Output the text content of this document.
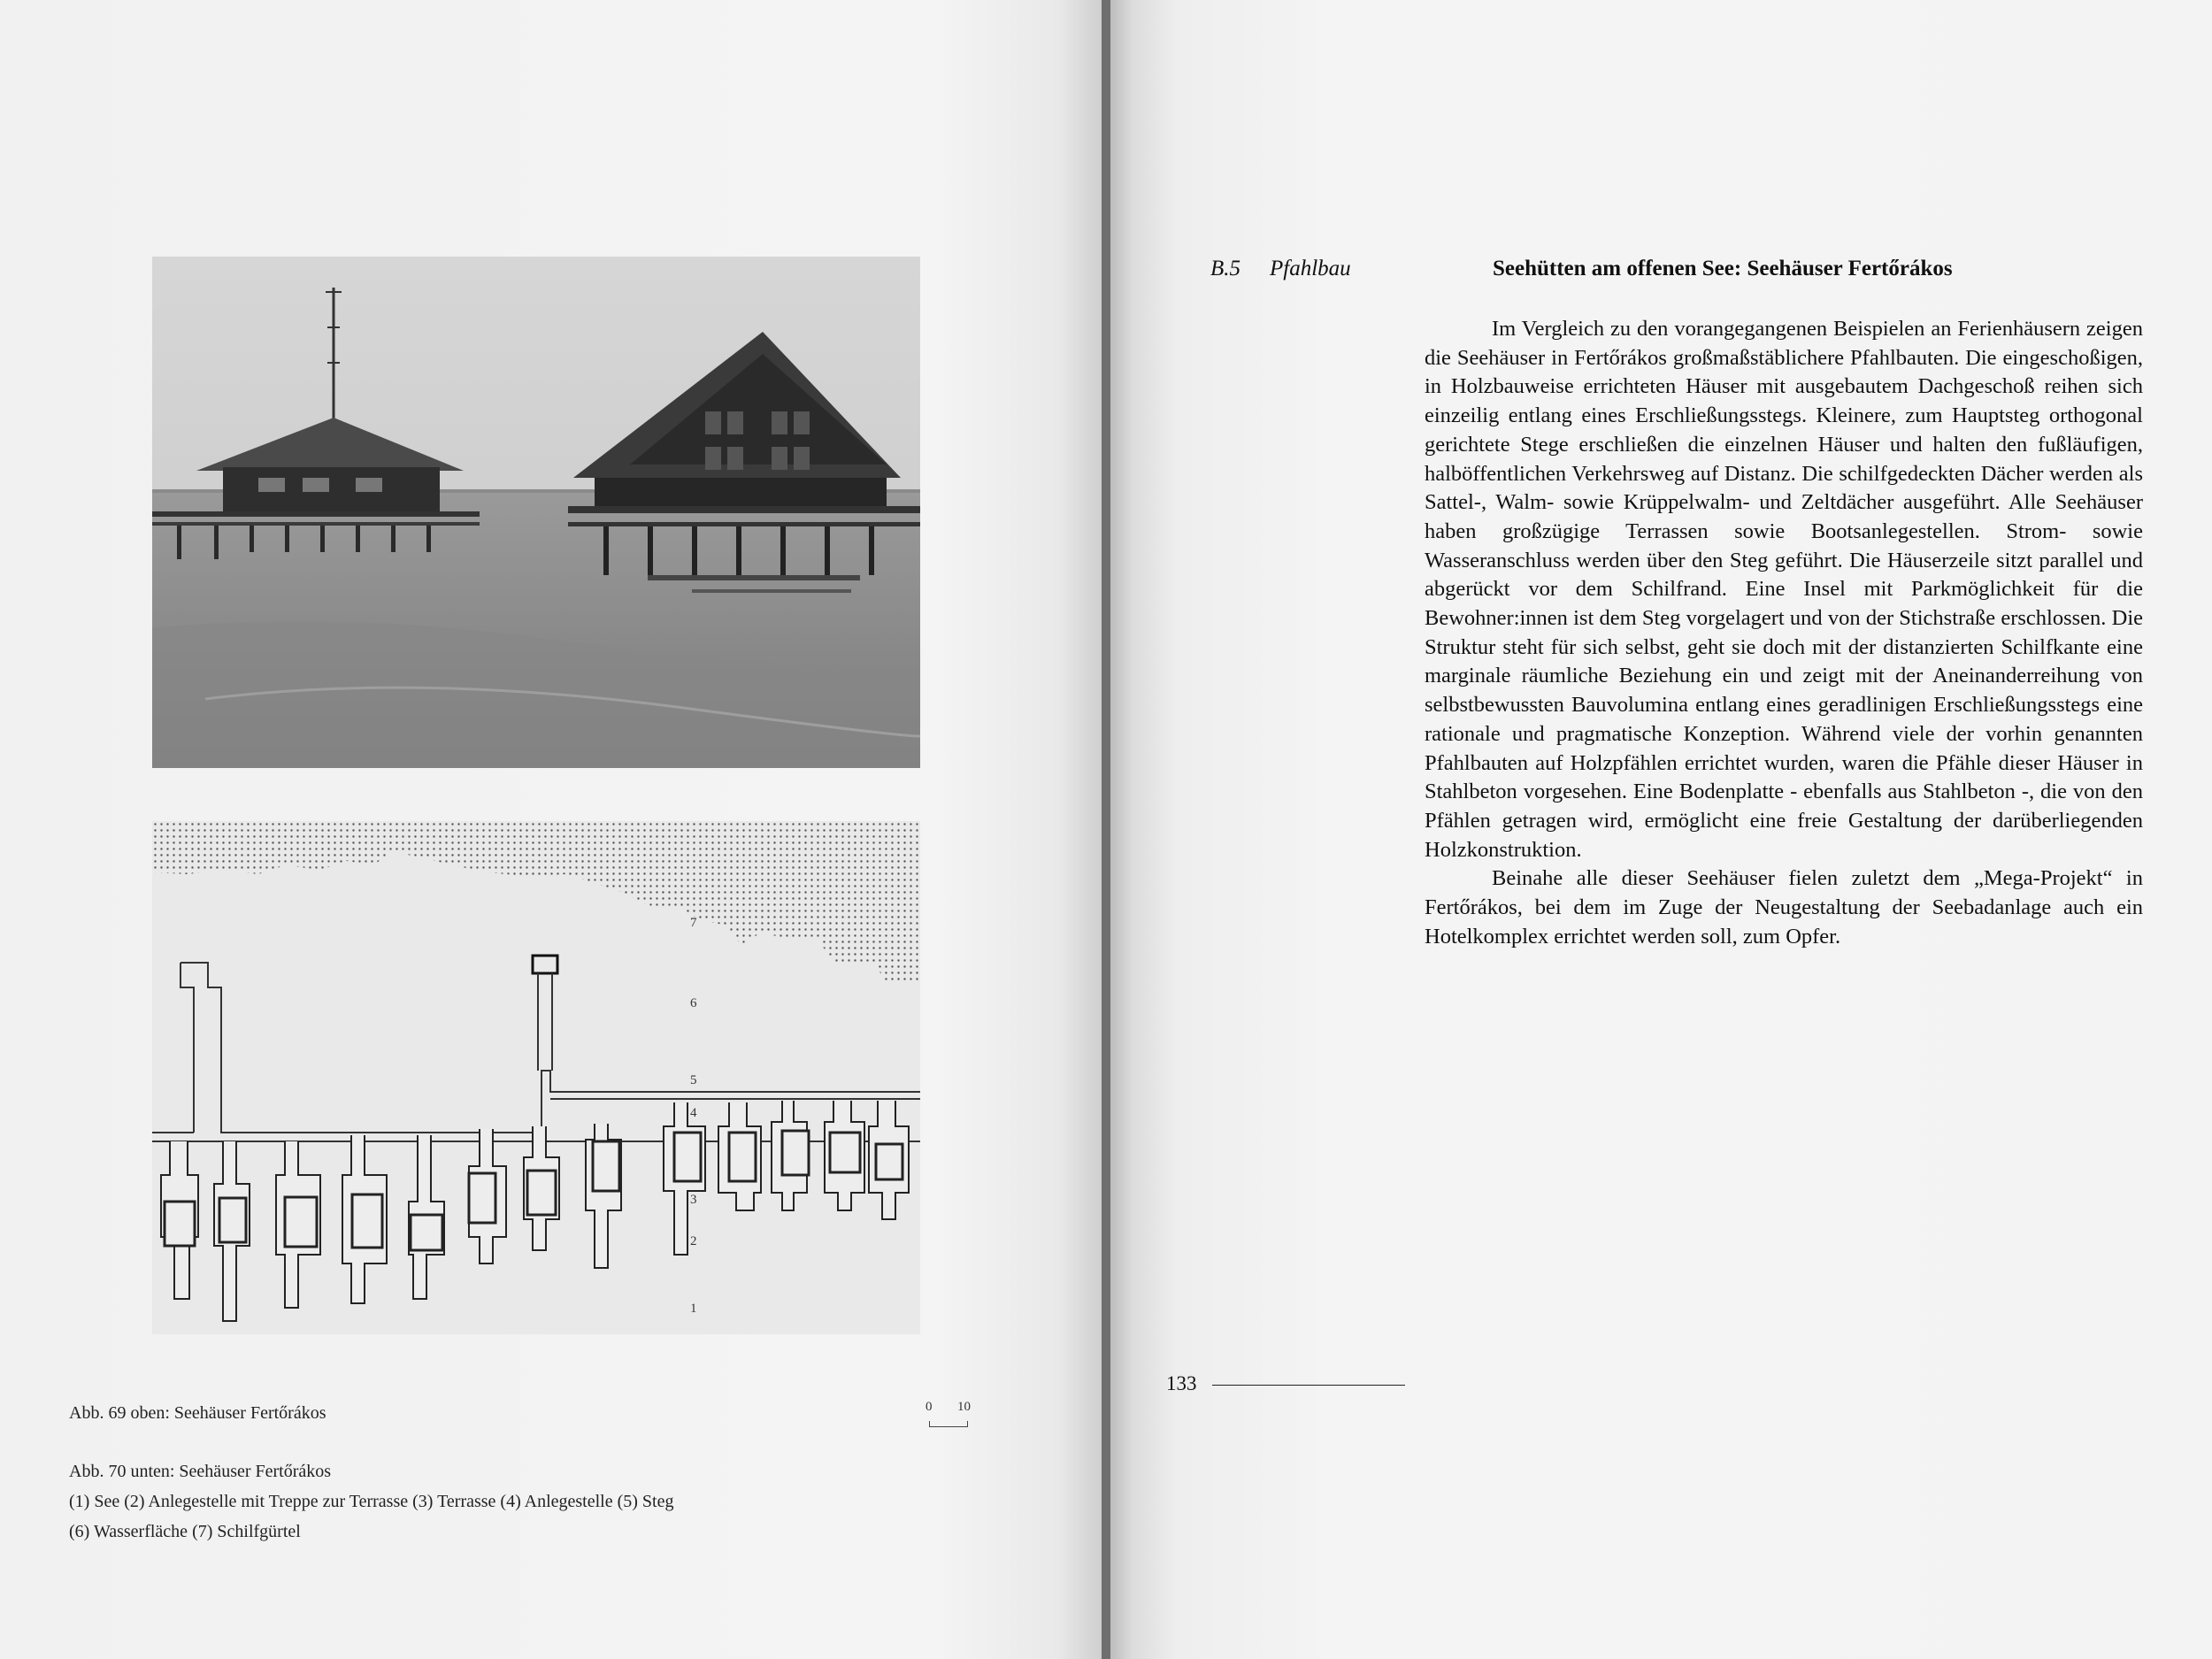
7
6
5
4
3
2
1
0 10
Abb. 69 oben: Seehäuser Fertőrákos
Abb. 70 unten: Seehäuser Fertőrákos
(1) See (2) Anlegestelle mit Treppe zur Terrasse (3) Terrasse (4) Anlegestelle (5) Steg
(6) Wasserfläche (7) Schilfgürtel
B.5 Pfahlbau	Seehütten am offenen See: Seehäuser Fertőrákos

Im Vergleich zu den vorangegangenen Beispielen an Ferienhäusern zeigen die Seehäuser in Fertőrákos großmaßstäblichere Pfahlbauten. Die eingeschoßigen, in Holzbauweise errichteten Häuser mit ausgebautem Dachgeschoß reihen sich einzeilig entlang eines Erschließungsstegs. Kleinere, zum Hauptsteg orthogonal gerichtete Stege erschließen die einzelnen Häuser und halten den fußläufigen, halböffentlichen Verkehrsweg auf Distanz. Die schilfgedeckten Dächer werden als Sattel-, Walm- sowie Krüppelwalm- und Zeltdächer ausgeführt. Alle Seehäuser haben großzügige Terrassen sowie Bootsanlegestellen. Strom- sowie Wasseranschluss werden über den Steg geführt. Die Häuserzeile sitzt parallel und abgerückt vor dem Schilfrand. Eine Insel mit Parkmöglichkeit für die Bewohner:innen ist dem Steg vorgelagert und von der Stichstraße erschlossen. Die Struktur steht für sich selbst, geht sie doch mit der distanzierten Schilfkante eine marginale räumliche Beziehung ein und zeigt mit der Aneinanderreihung von selbstbewussten Bauvolumina entlang eines geradlinigen Erschließungsstegs eine rationale und pragmatische Konzeption. Während viele der vorhin genannten Pfahlbauten auf Holzpfählen errichtet wurden, waren die Pfähle dieser Häuser in Stahlbeton vorgesehen. Eine Bodenplatte - ebenfalls aus Stahlbeton -, die von den Pfählen getragen wird, ermöglicht eine freie Gestaltung der darüberliegenden Holzkonstruktion.

Beinahe alle dieser Seehäuser fielen zuletzt dem „Mega-Projekt“ in Fertőrákos, bei dem im Zuge der Neugestaltung der Seebadanlage auch ein Hotelkomplex errichtet werden soll, zum Opfer.

133
